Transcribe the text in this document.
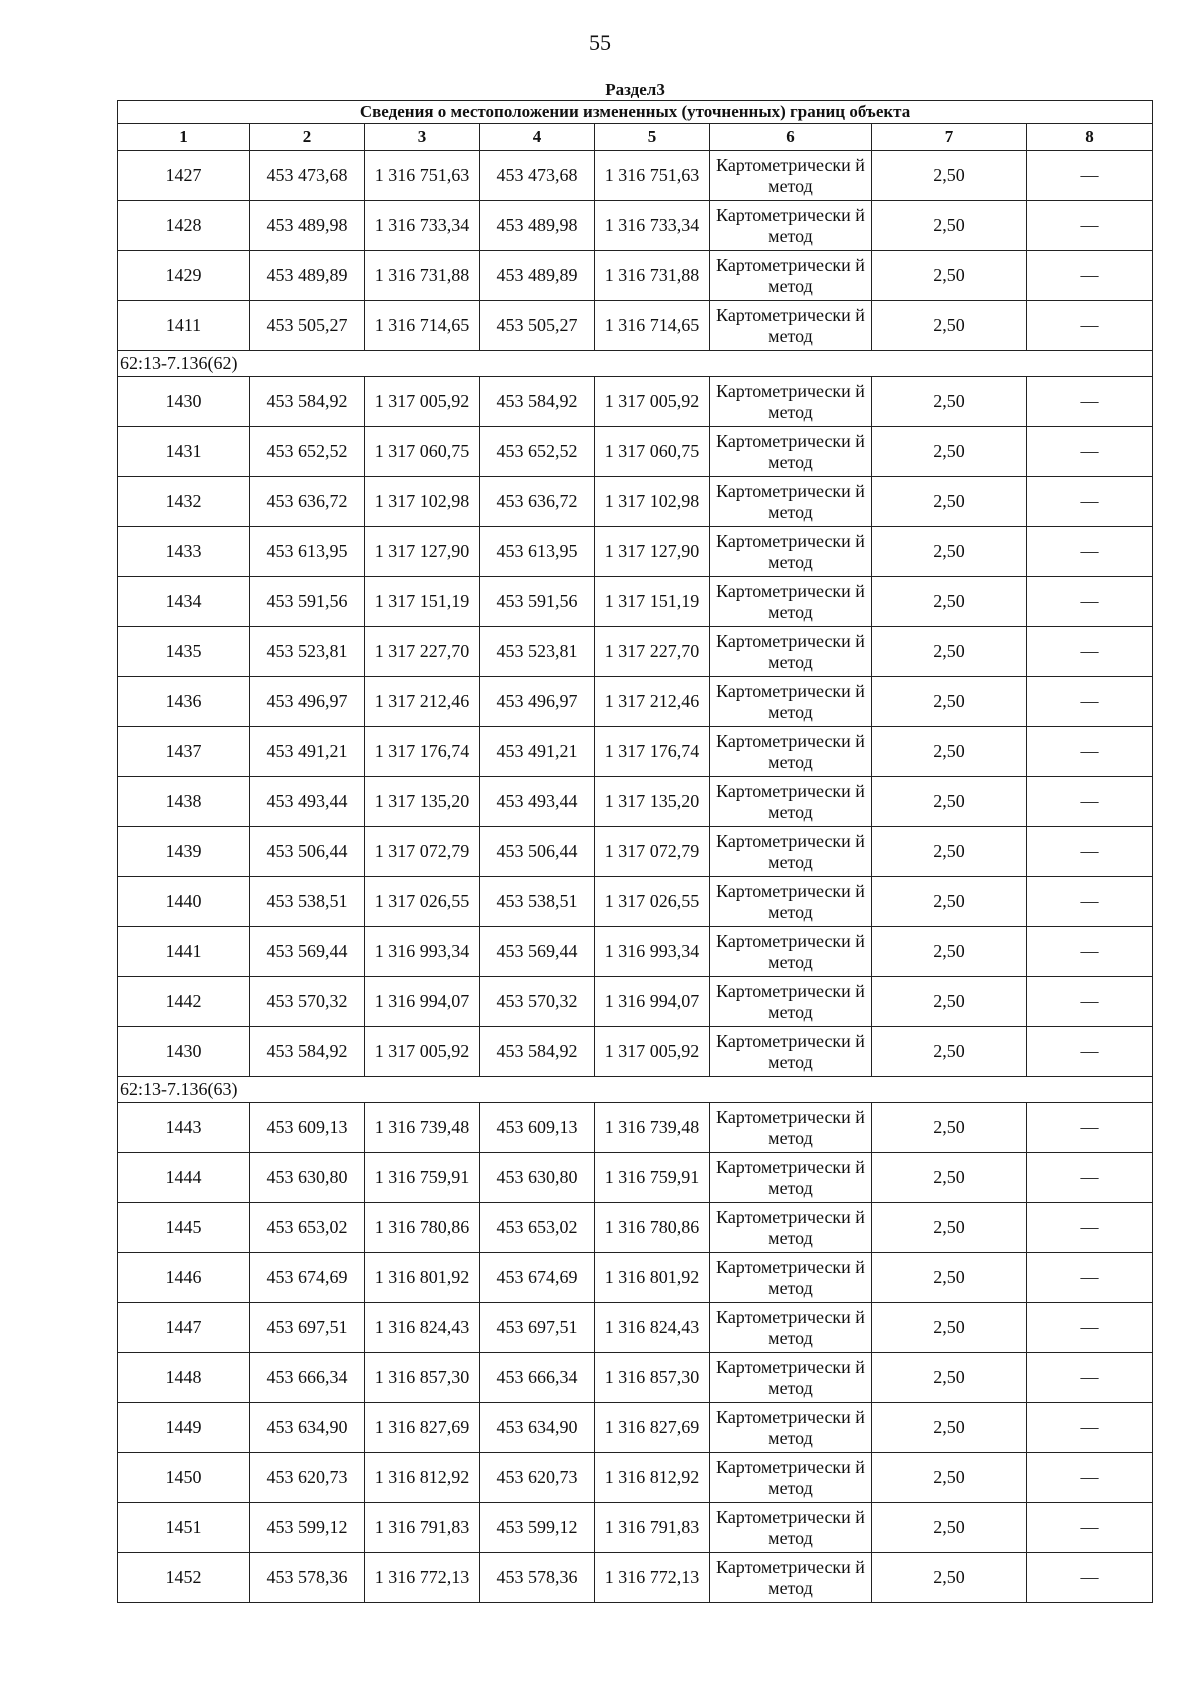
55
Раздел3							
Сведения о местоположении измененных (уточненных) границ объекта							
1	2	3	4	5	6	7	8
1427	453 473,68	1 316 751,63	453 473,68	1 316 751,63	Картометрически й метод	2,50	—
1428	453 489,98	1 316 733,34	453 489,98	1 316 733,34	Картометрически й метод	2,50	—
1429	453 489,89	1 316 731,88	453 489,89	1 316 731,88	Картометрически й метод	2,50	—
1411	453 505,27	1 316 714,65	453 505,27	1 316 714,65	Картометрически й метод	2,50	—
62:13-7.136(62)							
1430	453 584,92	1 317 005,92	453 584,92	1 317 005,92	Картометрически й метод	2,50	—
1431	453 652,52	1 317 060,75	453 652,52	1 317 060,75	Картометрически й метод	2,50	—
1432	453 636,72	1 317 102,98	453 636,72	1 317 102,98	Картометрически й метод	2,50	—
1433	453 613,95	1 317 127,90	453 613,95	1 317 127,90	Картометрически й метод	2,50	—
1434	453 591,56	1 317 151,19	453 591,56	1 317 151,19	Картометрически й метод	2,50	—
1435	453 523,81	1 317 227,70	453 523,81	1 317 227,70	Картометрически й метод	2,50	—
1436	453 496,97	1 317 212,46	453 496,97	1 317 212,46	Картометрически й метод	2,50	—
1437	453 491,21	1 317 176,74	453 491,21	1 317 176,74	Картометрически й метод	2,50	—
1438	453 493,44	1 317 135,20	453 493,44	1 317 135,20	Картометрически й метод	2,50	—
1439	453 506,44	1 317 072,79	453 506,44	1 317 072,79	Картометрически й метод	2,50	—
1440	453 538,51	1 317 026,55	453 538,51	1 317 026,55	Картометрически й метод	2,50	—
1441	453 569,44	1 316 993,34	453 569,44	1 316 993,34	Картометрически й метод	2,50	—
1442	453 570,32	1 316 994,07	453 570,32	1 316 994,07	Картометрически й метод	2,50	—
1430	453 584,92	1 317 005,92	453 584,92	1 317 005,92	Картометрически й метод	2,50	—
62:13-7.136(63)							
1443	453 609,13	1 316 739,48	453 609,13	1 316 739,48	Картометрически й метод	2,50	—
1444	453 630,80	1 316 759,91	453 630,80	1 316 759,91	Картометрически й метод	2,50	—
1445	453 653,02	1 316 780,86	453 653,02	1 316 780,86	Картометрически й метод	2,50	—
1446	453 674,69	1 316 801,92	453 674,69	1 316 801,92	Картометрически й метод	2,50	—
1447	453 697,51	1 316 824,43	453 697,51	1 316 824,43	Картометрически й метод	2,50	—
1448	453 666,34	1 316 857,30	453 666,34	1 316 857,30	Картометрически й метод	2,50	—
1449	453 634,90	1 316 827,69	453 634,90	1 316 827,69	Картометрически й метод	2,50	—
1450	453 620,73	1 316 812,92	453 620,73	1 316 812,92	Картометрически й метод	2,50	—
1451	453 599,12	1 316 791,83	453 599,12	1 316 791,83	Картометрически й метод	2,50	—
1452	453 578,36	1 316 772,13	453 578,36	1 316 772,13	Картометрически й метод	2,50	—
